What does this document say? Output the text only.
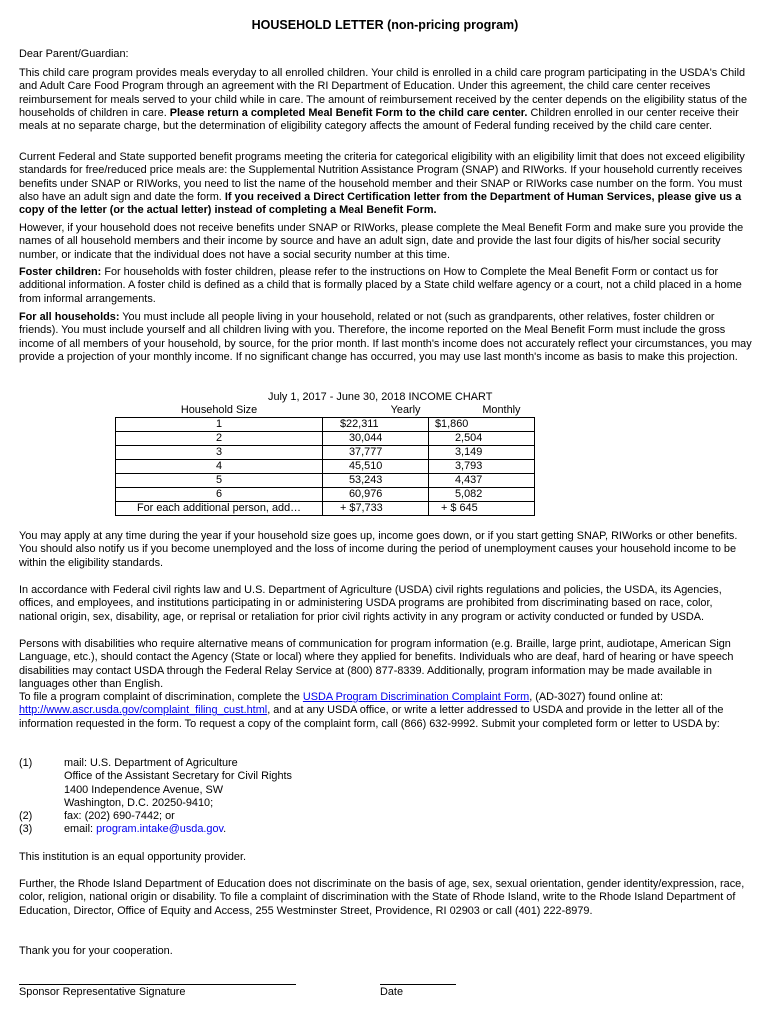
HOUSEHOLD LETTER (non-pricing program)
Dear Parent/Guardian:

This child care program provides meals everyday to all enrolled children. Your child is enrolled in a child care program participating in the USDA's Child and Adult Care Food Program through an agreement with the RI Department of Education. Under this agreement, the child care center receives reimbursement for meals served to your child while in care. The amount of reimbursement received by the center depends on the eligibility status of the households of children in care. Please return a completed Meal Benefit Form to the child care center. Children enrolled in our center receive their meals at no separate charge, but the determination of eligibility category affects the amount of Federal funding received by the child care center.

Current Federal and State supported benefit programs meeting the criteria for categorical eligibility with an eligibility limit that does not exceed eligibility standards for free/reduced price meals are: the Supplemental Nutrition Assistance Program (SNAP) and RIWorks. If your household currently receives benefits under SNAP or RIWorks, you need to list the name of the household member and their SNAP or RIWorks case number on the form. You must also have an adult sign and date the form. If you received a Direct Certification letter from the Department of Human Services, please give us a copy of the letter (or the actual letter) instead of completing a Meal Benefit Form.

However, if your household does not receive benefits under SNAP or RIWorks, please complete the Meal Benefit Form and make sure you provide the names of all household members and their income by source and have an adult sign, date and provide the last four digits of his/her social security number, or indicate that the individual does not have a social security number at this time.

Foster children: For households with foster children, please refer to the instructions on How to Complete the Meal Benefit Form or contact us for additional information. A foster child is defined as a child that is formally placed by a State child welfare agency or a court, not a child placed in a home from informal arrangements.

For all households: You must include all people living in your household, related or not (such as grandparents, other relatives, foster children or friends). You must include yourself and all children living with you. Therefore, the income reported on the Meal Benefit Form must include the gross income of all members of your household, by source, for the prior month. If last month's income does not accurately reflect your circumstances, you may provide a projection of your monthly income. If no significant change has occurred, you may use last month's income as basis to make this projection.

July 1, 2017 - June 30, 2018 INCOME CHART
Household Size	Yearly	Monthly
1	$22,311	$1,860
2	30,044	2,504
3	37,777	3,149
4	45,510	3,793
5	53,243	4,437
6	60,976	5,082
For each additional person, add…	+ $7,733	+ $ 645
You may apply at any time during the year if your household size goes up, income goes down, or if you start getting SNAP, RIWorks or other benefits. You should also notify us if you become unemployed and the loss of income during the period of unemployment causes your household income to be within the eligibility standards.
In accordance with Federal civil rights law and U.S. Department of Agriculture (USDA) civil rights regulations and policies, the USDA, its Agencies, offices, and employees, and institutions participating in or administering USDA programs are prohibited from discriminating based on race, color, national origin, sex, disability, age, or reprisal or retaliation for prior civil rights activity in any program or activity conducted or funded by USDA.
Persons with disabilities who require alternative means of communication for program information (e.g. Braille, large print, audiotape, American Sign Language, etc.), should contact the Agency (State or local) where they applied for benefits. Individuals who are deaf, hard of hearing or have speech disabilities may contact USDA through the Federal Relay Service at (800) 877-8339. Additionally, program information may be made available in languages other than English.

To file a program complaint of discrimination, complete the USDA Program Discrimination Complaint Form, (AD-3027) found online at: http://www.ascr.usda.gov/complaint_filing_cust.html, and at any USDA office, or write a letter addressed to USDA and provide in the letter all of the information requested in the form. To request a copy of the complaint form, call (866) 632-9992. Submit your completed form or letter to USDA by:

(1)	mail: U.S. Department of Agriculture
Office of the Assistant Secretary for Civil Rights
1400 Independence Avenue, SW
Washington, D.C. 20250-9410;
(2)	fax: (202) 690-7442; or
(3)	email: program.intake@usda.gov.
This institution is an equal opportunity provider.
Further, the Rhode Island Department of Education does not discriminate on the basis of age, sex, sexual orientation, gender identity/expression, race, color, religion, national origin or disability. To file a complaint of discrimination with the State of Rhode Island, write to the Rhode Island Department of Education, Director, Office of Equity and Access, 255 Westminster Street, Providence, RI 02903 or call (401) 222-8979.
Thank you for your cooperation.
Sponsor Representative Signature	Date
